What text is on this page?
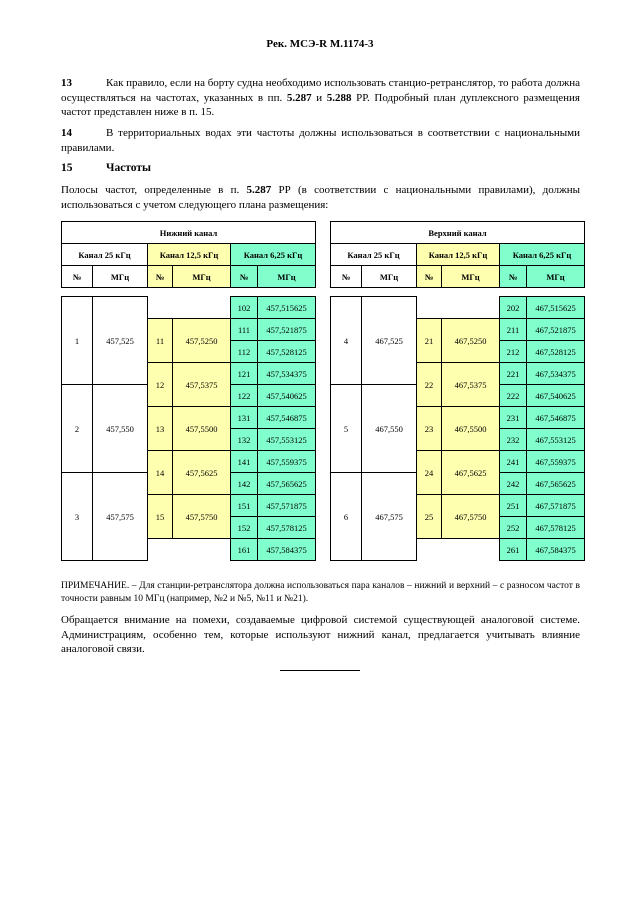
Рек. МСЭ-R M.1174-3
13	Как правило, если на борту судна необходимо использовать станцио-ретранслятор, то работа должна осуществляться на частотах, указанных в пп. 5.287 и 5.288 РР. Подробный план дуплексного размещения частот представлен ниже в п. 15.
14	В территориальных водах эти частоты должны использоваться в соответствии с национальными правилами.
15	Частоты
Полосы частот, определенные в п. 5.287 РР (в соответствии с национальными правилами), должны использоваться с учетом следующего плана размещения:
Нижний канал					
Канал 25 кГц		Канал 12,5 кГц		Канал 6,25 кГц	
№	МГц	№	МГц	№	МГц

1	457,525			102	457,515625
		11	457,5250	111	457,521875
				112	457,528125
		12	457,5375	121	457,534375
2	457,550			122	457,540625
		13	457,5500	131	457,546875
				132	457,553125
		14	457,5625	141	457,559375
3	457,575			142	457,565625
		15	457,5750	151	457,571875
				152	457,578125
				161	457,584375
Верхний канал					
Канал 25 кГц		Канал 12,5 кГц		Канал 6,25 кГц	
№	МГц	№	МГц	№	МГц

4	467,525			202	467,515625
		21	467,5250	211	467,521875
				212	467,528125
		22	467,5375	221	467,534375
5	467,550			222	467,540625
		23	467,5500	231	467,546875
				232	467,553125
		24	467,5625	241	467,559375
6	467,575			242	467,565625
		25	467,5750	251	467,571875
				252	467,578125
				261	467,584375
ПРИМЕЧАНИЕ. – Для станции-ретранслятора должна использоваться пара каналов – нижний и верхний – с разносом частот в точности равным 10 МГц (например, №2 и №5, №11 и №21).
Обращается внимание на помехи, создаваемые цифровой системой существующей аналоговой системе. Администрациям, особенно тем, которые используют нижний канал, предлагается учитывать влияние аналоговой связи.
